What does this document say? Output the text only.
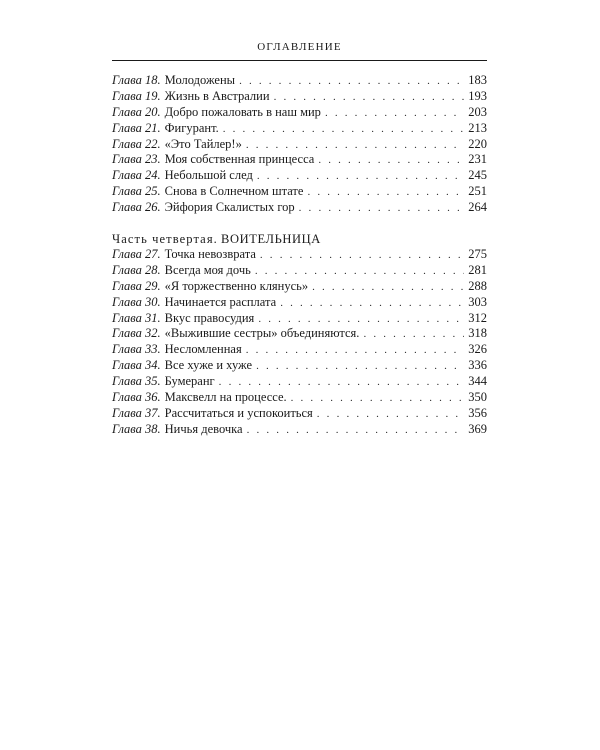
ОГЛАВЛЕНИЕ
Глава 18. Молодожены . . .	183
Глава 19. Жизнь в Австралии . . .	193
Глава 20. Добро пожаловать в наш мир . . .	203
Глава 21. Фигурант. . . .	213
Глава 22. «Это Тайлер!» . . .	220
Глава 23. Моя собственная принцесса . . .	231
Глава 24. Небольшой след . . .	245
Глава 25. Снова в Солнечном штате . . .	251
Глава 26. Эйфория Скалистых гор . . .	264
Часть четвертая. ВОИТЕЛЬНИЦА
Глава 27. Точка невозврата . . .	275
Глава 28. Всегда моя дочь . . .	281
Глава 29. «Я торжественно клянусь» . . .	288
Глава 30. Начинается расплата . . .	303
Глава 31. Вкус правосудия . . .	312
Глава 32. «Выжившие сестры» объединяются. . . .	318
Глава 33. Несломленная . . .	326
Глава 34. Все хуже и хуже . . .	336
Глава 35. Бумеранг . . .	344
Глава 36. Максвелл на процессе. . . .	350
Глава 37. Рассчитаться и успокоиться . . .	356
Глава 38. Ничья девочка . . .	369
